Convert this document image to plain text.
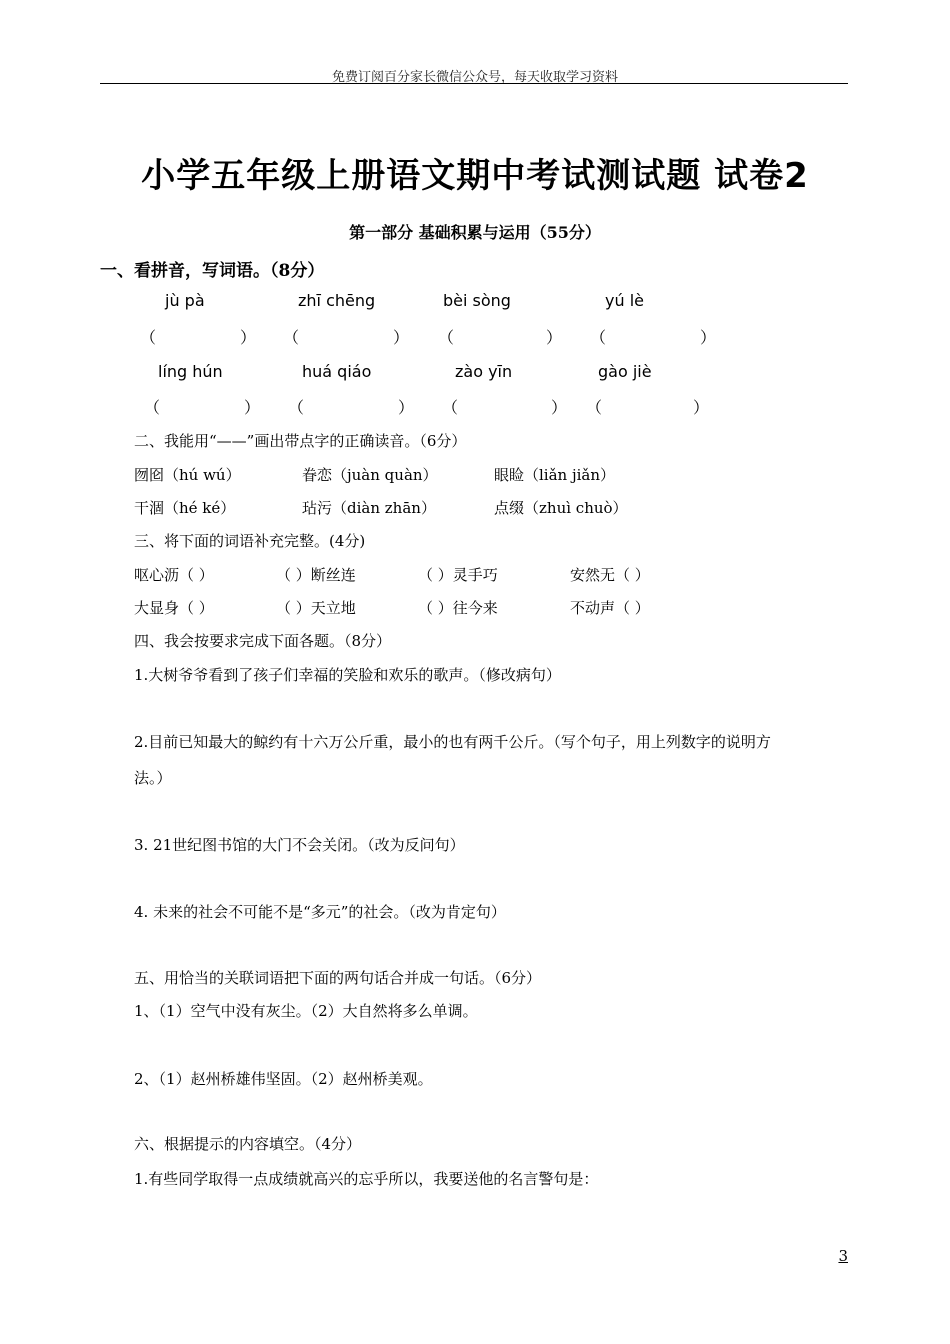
免费订阅百分家长微信公众号，每天收取学习资料
小学五年级上册语文期中考试测试题 试卷2
第一部分 基础积累与运用（55分）
一、看拼音，写词语。（8分）
jù pà	zhī chēng	bèi sòng	yú lè
（	） （	） （	） （	）
líng hún	huá qiáo	zào yīn	gào jiè
（	） （	） （	） （	）
二、我能用“——”画出带点字的正确读音。（6分）
囫囵（hú wú）	眷恋（juàn quàn）	眼睑（liǎn jiǎn）
干涸（hé ké）	玷污（diàn zhān）	点缀（zhuì chuò）
三、将下面的词语补充完整。(4分)
呕心沥（ ）	（ ）断丝连	（ ）灵手巧	安然无（ ）
大显身（ ）	（ ）天立地	（ ）往今来	不动声（ ）
四、我会按要求完成下面各题。（8分）
1.大树爷爷看到了孩子们幸福的笑脸和欢乐的歌声。（修改病句）
2.目前已知最大的鲸约有十六万公斤重，最小的也有两千公斤。（写个句子，用上列数字的说明方
法。）
3. 21世纪图书馆的大门不会关闭。（改为反问句）
4. 未来的社会不可能不是“多元”的社会。（改为肯定句）
五、用恰当的关联词语把下面的两句话合并成一句话。（6分）
1、（1）空气中没有灰尘。（2）大自然将多么单调。
2、（1）赵州桥雄伟坚固。（2）赵州桥美观。
六、根据提示的内容填空。（4分）
1.有些同学取得一点成绩就高兴的忘乎所以，我要送他的名言警句是：
3
